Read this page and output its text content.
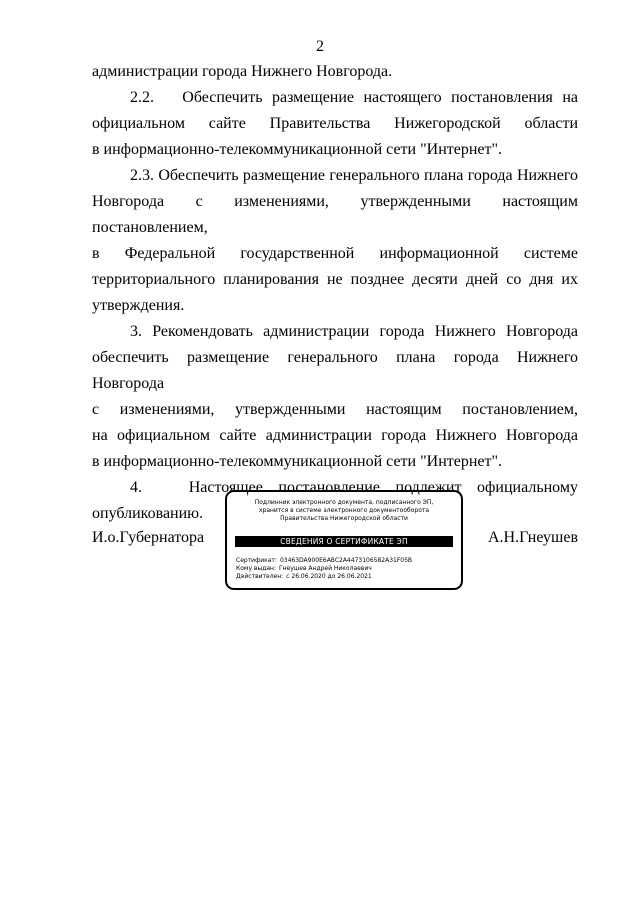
2

администрации города Нижнего Новгорода.

2.2.   Обеспечить размещение настоящего постановления на официальном сайте Правительства Нижегородской области

в информационно-телекоммуникационной сети "Интернет".

2.3. Обеспечить размещение генерального плана города Нижнего Новгорода с изменениями, утвержденными настоящим постановлением,

в Федеральной государственной информационной системе территориального планирования не позднее десяти дней со дня их утверждения.

3. Рекомендовать администрации города Нижнего Новгорода обеспечить размещение генерального плана города Нижнего Новгорода

с изменениями, утвержденными настоящим постановлением,

на официальном сайте администрации города Нижнего Новгорода

в информационно-телекоммуникационной сети "Интернет".

4.   Настоящее постановление подлежит официальному опубликованию.

И.о.Губернатора
Подлинник электронного документа, подписанного ЭП,
хранится в системе электронного документооборота
Правительства Нижегородской области
СВЕДЕНИЯ О СЕРТИФИКАТЕ ЭП
Сертификат: 03463DA900E6ABC2A4473106582A31F05B
Кому выдан: Гнеушев Андрей Николаевич
Действителен: с 26.06.2020 до 26.06.2021
А.Н.Гнеушев
